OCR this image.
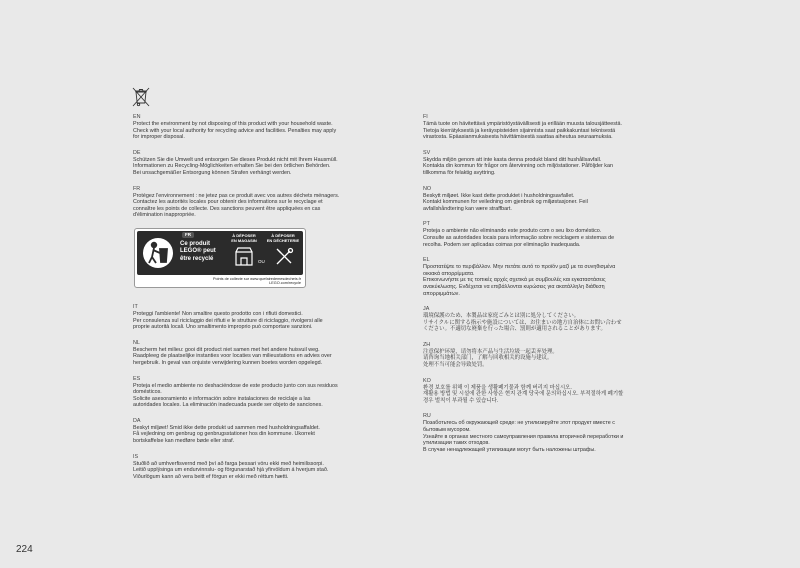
EN
Protect the environment by not disposing of this product with your household waste.
Check with your local authority for recycling advice and facilities. Penalties may apply
for improper disposal.
DE
Schützen Sie die Umwelt und entsorgen Sie dieses Produkt nicht mit Ihrem Hausmüll.
Informationen zu Recycling-Möglichkeiten erhalten Sie bei den örtlichen Behörden.
Bei unsachgemäßer Entsorgung können Strafen verhängt werden.
FR
Protégez l'environnement : ne jetez pas ce produit avec vos autres déchets ménagers.
Contactez les autorités locales pour obtenir des informations sur le recyclage et
connaître les points de collecte. Des sanctions peuvent être appliquées en cas
d'élimination inappropriée.
FR
Ce produit
LEGO® peut
être recyclé
À DÉPOSER
EN MAGASIN
À DÉPOSER
EN DÉCHETERIE
OU
Points de collecte sur www.quefairedemesdechets.fr
LEGO.com/recycle
IT
Proteggi l'ambiente! Non smaltire questo prodotto con i rifiuti domestici.
Per consulenza sul riciclaggio dei rifiuti e le strutture di riciclaggio, rivolgersi alle
proprie autorità locali. Uno smaltimento improprio può comportare sanzioni.
NL
Bescherm het milieu: gooi dit product niet samen met het andere huisvuil weg.
Raadpleeg de plaatselijke instanties voor locaties van milieustations en advies over
hergebruik. In geval van onjuiste verwijdering kunnen boetes worden opgelegd.
ES
Proteja el medio ambiente no deshaciéndose de este producto junto con sus residuos
domésticos.
Solicite asesoramiento e información sobre instalaciones de reciclaje a las
autoridades locales. La eliminación inadecuada puede ser objeto de sanciones.
DA
Beskyt miljøet! Smid ikke dette produkt ud sammen med husholdningsaffaldet.
Få vejledning om genbrug og genbrugsstationer hos din kommune. Ukorrekt
bortskaffelse kan medføre bøde eller straf.
IS
Stuðlið að umhverfisvernd með því að farga þessari vöru ekki með heimilissorpi.
Leitið upplýsinga um endurvinnslu- og förgunarstað hjá yfirvöldum á hverjum stað.
Viðurlögum kann að vera beitt ef förgun er ekki með réttum hætti.
FI
Tämä tuote on hävitettävä ympäristöystävällisesti ja erillään muusta talousjätteestä.
Tietoja kierrätyksestä ja keräyspisteiden sijainnista saat paikkakuntasi teknisestä
virastosta. Epäasianmukaisesta hävittämisestä saattaa aiheutua seuraamuksia.
SV
Skydda miljön genom att inte kasta denna produkt bland ditt hushållsavfall.
Kontakta din kommun för frågor om återvinning och miljöstationer. Påföljder kan
tillkomma för felaktig avyttring.
NO
Beskytt miljøet. Ikke kast dette produktet i husholdningsavfallet.
Kontakt kommunen for veiledning om gjenbruk og miljøstasjoner. Feil
avfallshåndtering kan være straffbart.
PT
Proteja o ambiente não eliminando este produto com o seu lixo doméstico.
Consulte as autoridades locais para informação sobre reciclagem e sistemas de
recolha. Podem ser aplicadas coimas por eliminação inadequada.
EL
Προστατέψτε το περιβάλλον. Μην πετάτε αυτό το προϊόν μαζί με τα συνηθισμένα
οικιακά απορρίμματα.
Επικοινωνήστε με τις τοπικές αρχές σχετικά με συμβουλές και εγκαταστάσεις
ανακύκλωσης. Ενδέχεται να επιβάλλονται κυρώσεις για ακατάλληλη διάθεση
απορριμμάτων.
JA
環境保護のため、本製品は家庭ごみとは別に処分してください。
リサイクルに関する指示や施設については、お住まいの地方自治体にお問い合わせ
ください。不適切な廃棄を行った場合、罰則が適用されることがあります。
ZH
注意保护环境，请勿将本产品与生活垃圾一起丢弃处理。
请咨询当地相关部门，了解与回收相关的设施与建议。
处理不当可能会导致处罚。
KO
환경 보호를 위해 이 제품을 생활폐기물과 함께 버리지 마십시오.
재활용 방법 및 시설에 관한 사항은 현지 관계 당국에 문의하십시오. 부적절하게 폐기할
경우 벌칙이 부과될 수 있습니다.
RU
Позаботьтесь об окружающей среде: не утилизируйте этот продукт вместе с
бытовым мусором.
Узнайте в органах местного самоуправления правила вторичной переработки и
утилизации таких отходов.
В случае ненадлежащей утилизации могут быть наложены штрафы.
224
